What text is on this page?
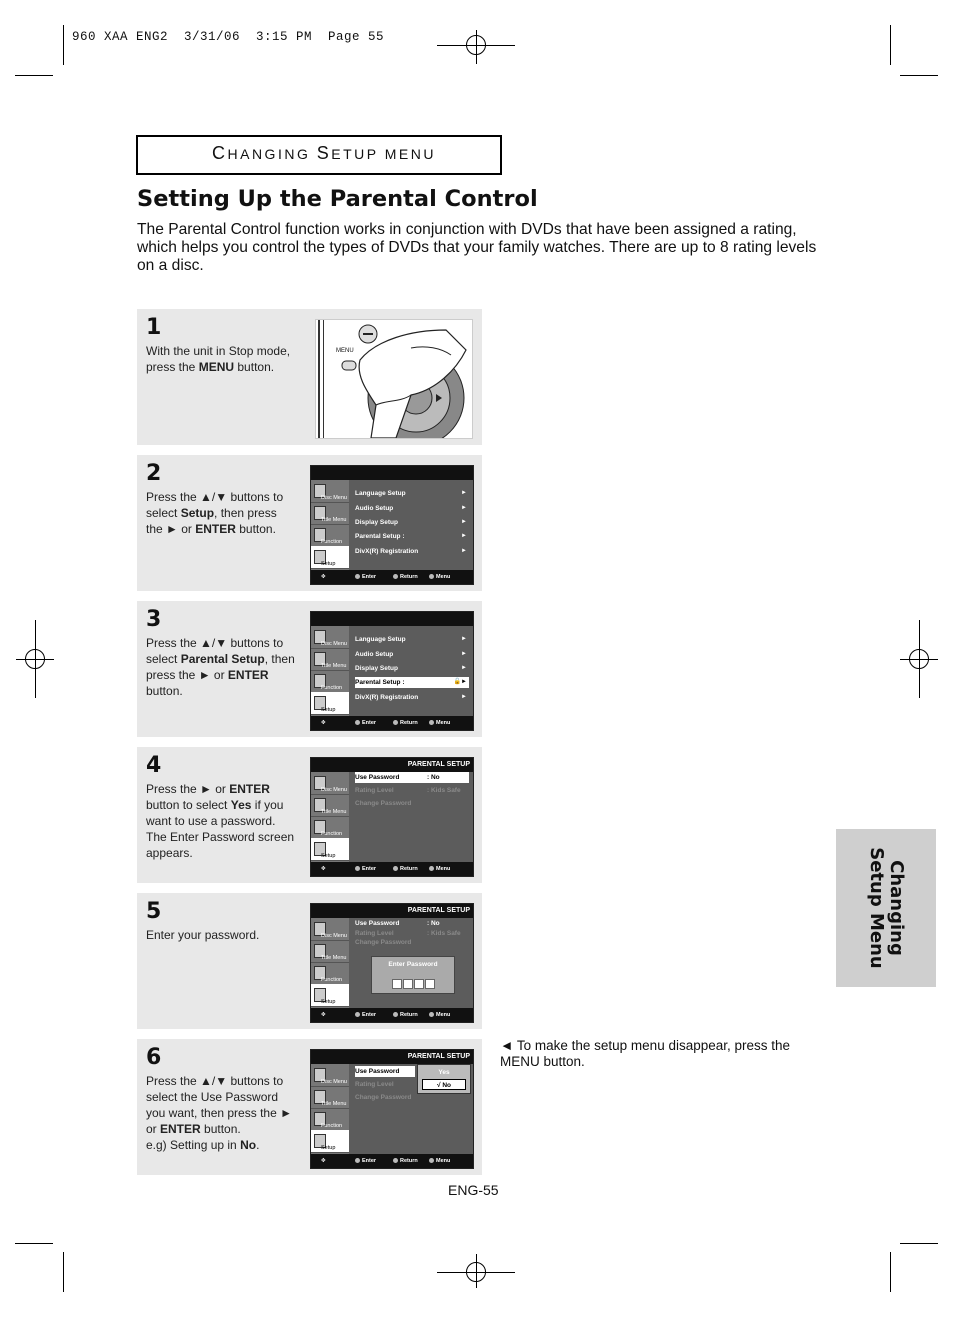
960 XAA ENG2  3/31/06  3:15 PM  Page 55
CHANGING SETUP MENU
Setting Up the Parental Control
The Parental Control function works in conjunction with DVDs that have been assigned a rating, which helps you control the types of DVDs that your family watches. There are up to 8 rating levels on a disc.
1
With the unit in Stop mode, press the MENU button.
MENU
2
Press the ▲/▼ buttons to select Setup, then press the ► or ENTER button.
Disc Menu
Title Menu
Function
Setup
Language Setup	►
Audio Setup	►
Display Setup	►
Parental Setup :	►
DivX(R) Registration	►
✥	Enter	Return	Menu
3
Press the ▲/▼ buttons to select Parental Setup, then press the ► or ENTER button.
Disc Menu
Title Menu
Function
Setup
Language Setup	►
Audio Setup	►
Display Setup	►
Parental Setup :	🔓►
DivX(R) Registration	►
✥	Enter	Return	Menu
4
Press the ► or ENTER button to select Yes if you want to use a password. The Enter Password screen appears.
PARENTAL SETUP
Disc Menu
Title Menu
Function
Setup
Use Password	: No
Rating Level	: Kids Safe
Change Password
✥	Enter	Return	Menu
5
Enter your password.
PARENTAL SETUP
Disc Menu
Title Menu
Function
Setup
Use Password	: No
Rating Level	: Kids Safe
Change Password
Enter Password
✥	Enter	Return	Menu
6
Press the ▲/▼ buttons to select the Use Password you want, then press the ► or ENTER button.
e.g) Setting up in No.
PARENTAL SETUP
Disc Menu
Title Menu
Function
Setup
Use Password
Rating Level
Change Password
Yes
√ No
✥	Enter	Return	Menu
Changing
Setup Menu
◄ To make the setup menu disappear, press the MENU button.
ENG-55
